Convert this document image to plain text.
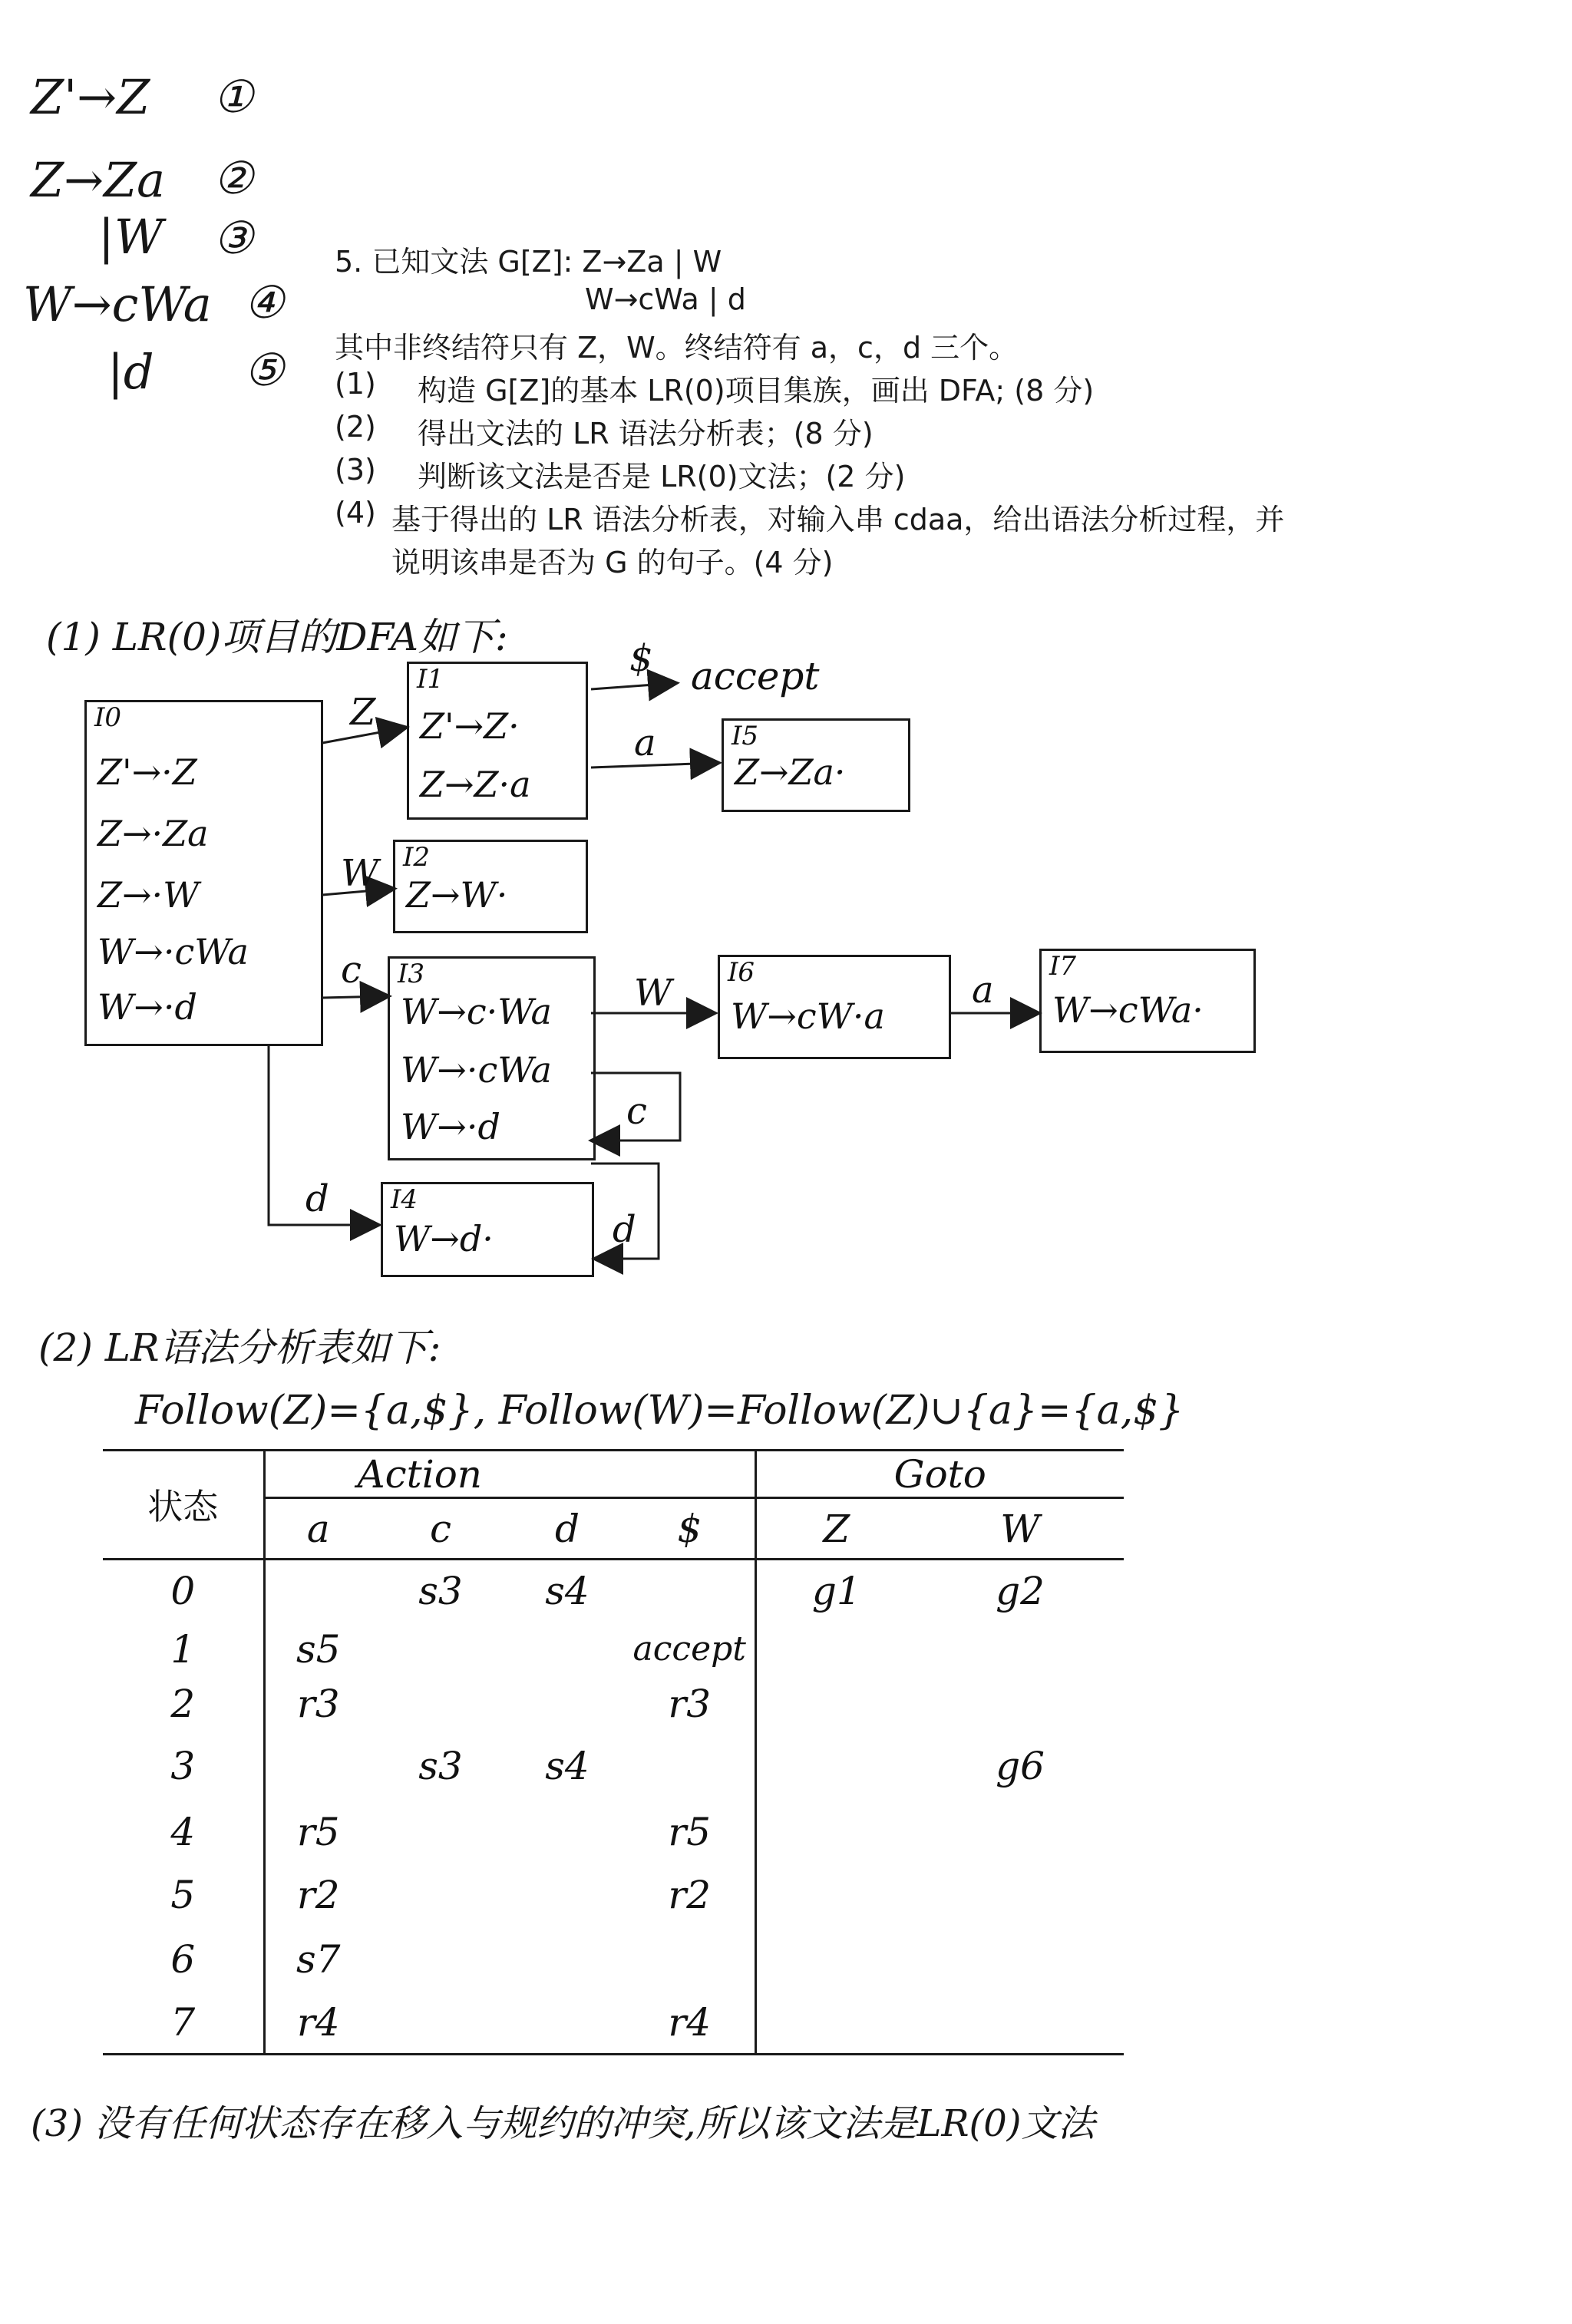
Z'→Z ①
Z→Za ②
|W ③
W→cWa ④
|d ⑤
5. 已知文法 G[Z]: Z→Za | W
W→cWa | d
其中非终结符只有 Z，W。终结符有 a，c，d 三个。
(1) 构造 G[Z]的基本 LR(0)项目集族，画出 DFA; (8 分)
(2) 得出文法的 LR 语法分析表；(8 分)
(3) 判断该文法是否是 LR(0)文法；(2 分)
(4) 基于得出的 LR 语法分析表，对输入串 cdaa，给出语法分析过程，并
说明该串是否为 G 的句子。(4 分)
(1) LR(0)项目的DFA如下:
Z
$ accept
a
W
c
W	a
c
d
d
I0
Z'→·Z
Z→·Za
Z→·W
W→·cWa
W→·d
I1
Z'→Z·
Z→Z·a
I5
Z→Za·
I2
Z→W·
I3
W→c·Wa
W→·cWa
W→·d
I6
W→cW·a
I7
W→cWa·
I4
W→d·
(2) LR语法分析表如下:
Follow(Z)={a,$}, Follow(W)=Follow(Z)∪{a}={a,$}
状态	Action				Goto	
	a	c	d	$	Z	W
0		s3	s4		g1	g2
1	s5			accept		
2	r3			r3		
3		s3	s4			g6
4	r5			r5		
5	r2			r2		
6	s7					
7	r4			r4		
(3) 没有任何状态存在移入与规约的冲突,所以该文法是LR(0)文法
